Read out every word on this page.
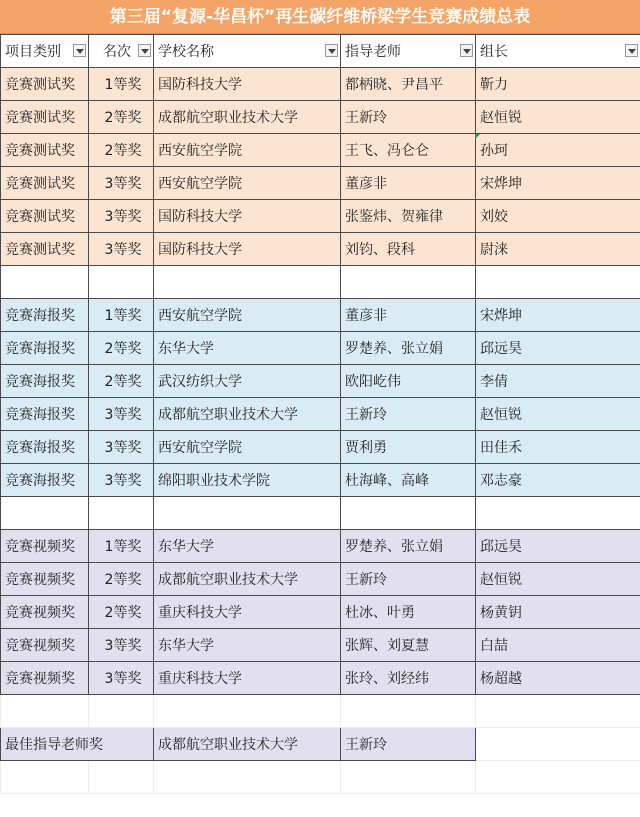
第三届“复源-华昌杯”再生碳纤维桥梁学生竞赛成绩总表
项目类别	名次	学校名称	指导老师	组长

竞赛测试奖	1等奖	国防科技大学	都柄晓、尹昌平	靳力
竞赛测试奖	2等奖	成都航空职业技术大学	王新玲	赵恒锐
竞赛测试奖	2等奖	西安航空学院	王飞、冯仑仑	孙珂
竞赛测试奖	3等奖	西安航空学院	董彦非	宋烨坤
竞赛测试奖	3等奖	国防科技大学	张鉴炜、贺雍律	刘姣
竞赛测试奖	3等奖	国防科技大学	刘钧、段科	尉涞

竞赛海报奖	1等奖	西安航空学院	董彦非	宋烨坤
竞赛海报奖	2等奖	东华大学	罗楚养、张立娟	邱远昊
竞赛海报奖	2等奖	武汉纺织大学	欧阳屹伟	李倩
竞赛海报奖	3等奖	成都航空职业技术大学	王新玲	赵恒锐
竞赛海报奖	3等奖	西安航空学院	贾利勇	田佳禾
竞赛海报奖	3等奖	绵阳职业技术学院	杜海峰、高峰	邓志豪

竞赛视频奖	1等奖	东华大学	罗楚养、张立娟	邱远昊
竞赛视频奖	2等奖	成都航空职业技术大学	王新玲	赵恒锐
竞赛视频奖	2等奖	重庆科技大学	杜冰、叶勇	杨黄钥
竞赛视频奖	3等奖	东华大学	张辉、刘夏慧	白喆
竞赛视频奖	3等奖	重庆科技大学	张玲、刘经纬	杨超越

最佳指导老师奖		成都航空职业技术大学	王新玲	
